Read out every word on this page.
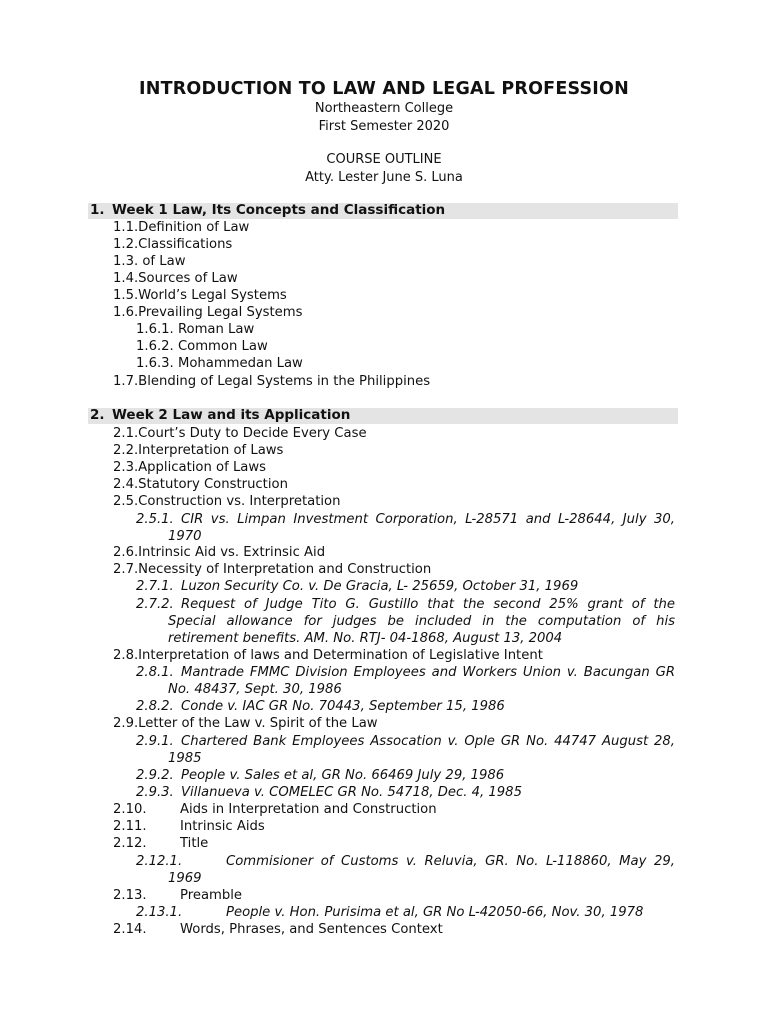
INTRODUCTION TO LAW AND LEGAL PROFESSION
Northeastern College
First Semester 2020
COURSE OUTLINE
Atty. Lester June S. Luna
1. Week 1 Law, Its Concepts and Classification
1.1.Definition of Law
1.2.Classifications
1.3. of Law
1.4.Sources of Law
1.5.World’s Legal Systems
1.6.Prevailing Legal Systems
1.6.1. Roman Law
1.6.2. Common Law
1.6.3. Mohammedan Law
1.7.Blending of Legal Systems in the Philippines
2. Week 2 Law and its Application
2.1.Court’s Duty to Decide Every Case
2.2.Interpretation of Laws
2.3.Application of Laws
2.4.Statutory Construction
2.5.Construction vs. Interpretation
2.5.1. CIR vs. Limpan Investment Corporation, L-28571 and L-28644, July 30,
1970
2.6.Intrinsic Aid vs. Extrinsic Aid
2.7.Necessity of Interpretation and Construction
2.7.1. Luzon Security Co. v. De Gracia, L- 25659, October 31, 1969
2.7.2. Request of Judge Tito G. Gustillo that the second 25% grant of the
Special allowance for judges be included in the computation of his
retirement benefits. AM. No. RTJ- 04-1868, August 13, 2004
2.8.Interpretation of laws and Determination of Legislative Intent
2.8.1. Mantrade FMMC Division Employees and Workers Union v. Bacungan GR
No. 48437, Sept. 30, 1986
2.8.2. Conde v. IAC GR No. 70443, September 15, 1986
2.9.Letter of the Law v. Spirit of the Law
2.9.1. Chartered Bank Employees Assocation v. Ople GR No. 44747 August 28,
1985
2.9.2. People v. Sales et al, GR No. 66469 July 29, 1986
2.9.3. Villanueva v. COMELEC GR No. 54718, Dec. 4, 1985
2.10.	Aids in Interpretation and Construction
2.11.	Intrinsic Aids
2.12.	Title
2.12.1.	Commisioner of Customs v. Reluvia, GR. No. L-118860, May 29,
1969
2.13.	Preamble
2.13.1.	People v. Hon. Purisima et al, GR No L-42050-66, Nov. 30, 1978
2.14.	Words, Phrases, and Sentences Context
